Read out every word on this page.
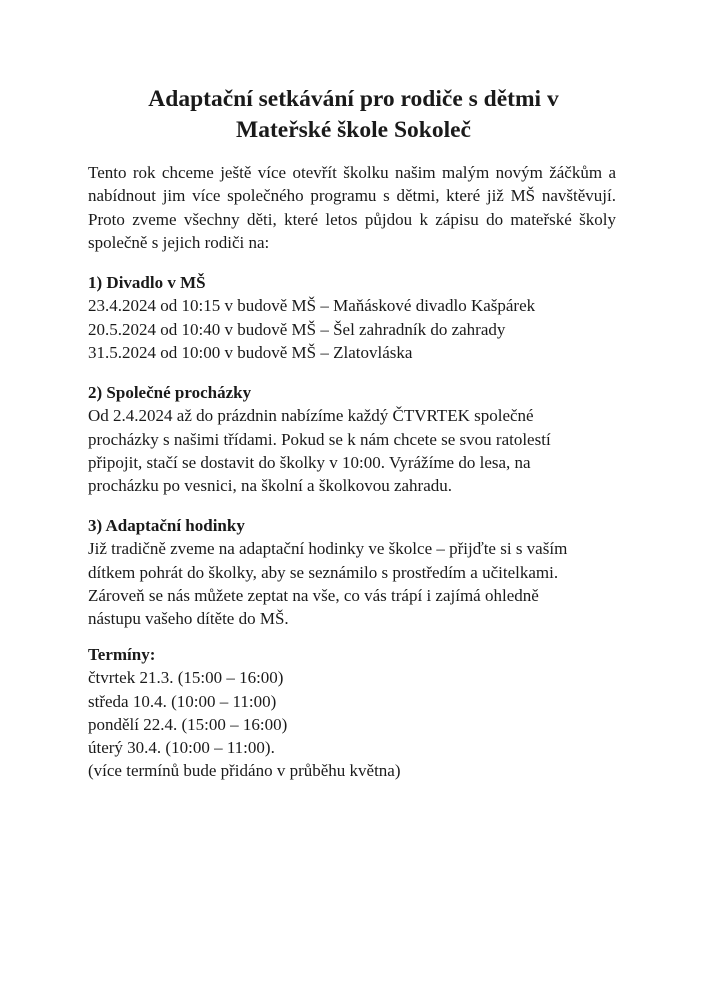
Adaptační setkávání pro rodiče s dětmi v
Mateřské škole Sokoleč

Tento rok chceme ještě více otevřít školku našim malým novým žáčkům a nabídnout jim více společného programu s dětmi, které již MŠ navštěvují. Proto zveme všechny děti, které letos půjdou k zápisu do mateřské školy společně s jejich rodiči na:

1) Divadlo v MŠ
23.4.2024 od 10:15 v budově MŠ – Maňáskové divadlo Kašpárek
20.5.2024 od 10:40 v budově MŠ – Šel zahradník do zahrady
31.5.2024 od 10:00 v budově MŠ – Zlatovláska
2) Společné procházky
Od 2.4.2024 až do prázdnin nabízíme každý ČTVRTEK společné
procházky s našimi třídami. Pokud se k nám chcete se svou ratolestí
připojit, stačí se dostavit do školky v 10:00. Vyrážíme do lesa, na
procházku po vesnici, na školní a školkovou zahradu.
3) Adaptační hodinky
Již tradičně zveme na adaptační hodinky ve školce – přijďte si s vaším
dítkem pohrát do školky, aby se seznámilo s prostředím a učitelkami.
Zároveň se nás můžete zeptat na vše, co vás trápí i zajímá ohledně
nástupu vašeho dítěte do MŠ.
Termíny:
čtvrtek 21.3. (15:00 – 16:00)
středa 10.4. (10:00 – 11:00)
pondělí 22.4. (15:00 – 16:00)
úterý 30.4. (10:00 – 11:00).
(více termínů bude přidáno v průběhu května)
